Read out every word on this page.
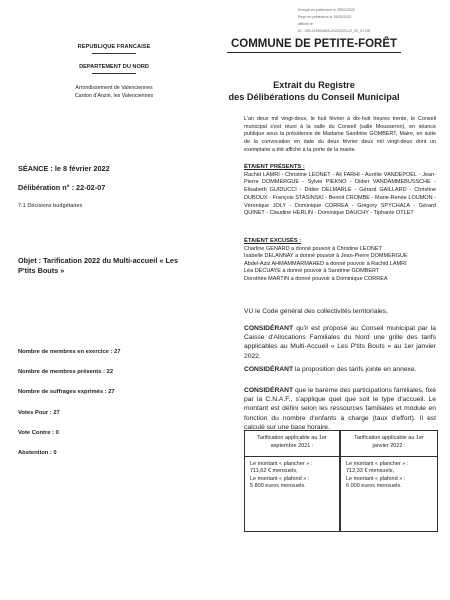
Envoyé en préfecture le 25/02/2022
Reçu en préfecture le 25/02/2022
Affiché le
ID : 059-215904605-20220223-22_02_07-DE
REPUBLIQUE FRANCAISE
DEPARTEMENT DU NORD
Arrondissement de Valenciennes
Canton d'Anzin, les Valenciennes
COMMUNE DE PETITE-FORÊT
Extrait du Registre
des Délibérations du Conseil Municipal
L'an deux mil vingt-deux, le huit février à dix-huit heures trente, le Conseil municipal s'est réuni à la salle du Conseil (salle Mousseron), en séance publique sous la présidence de Madame Sandrine GOMBERT, Maire, en suite de la convocation en date du deux février deux mil vingt-deux dont un exemplaire a été affiché à la porte de la mairie.
SÉANCE : le 8 février 2022
Délibération n° : 22-02-07
7.1 Décisions budgétaires
ÉTAIENT PRÉSENTS :
Rachid LAMRI - Christine LEONET - Ali FARHI - Aurélie VANDEPOEL - Jean-Pierre DOMMERGUE - Sylvie PIEKNO - Didier VANDAMMEBUSSCHE - Elisabeth GUIDUCCI - Didier DELMARLE - Gérard GAILLARD - Christine DUBOUX - François STASINSKI - Benoit CROMBE - Marie-Renée LOUMON - Véronique JOLY - Dominique CORREA - Grégory SPYCHALA - Gérard QUINET - Claudine HERLIN - Dominique DAUCHY - Tiphanie OTLET
Objet : Tarification 2022 du Multi-accueil « Les P'tits Bouts »
ÉTAIENT EXCUSÉS :
Charline GENARD a donné pouvoir à Christine LEONET
Isabelle DELANNAY a donné pouvoir à Jean-Pierre DOMMERGUE
Abdel-Aziz AHMAMMARMAHED a donné pouvoir à Rachid LAMRI
Léa DECUAYE a donné pouvoir à Sandrine GOMBERT
Dorothée MARTIN a donné pouvoir à Dominique CORREA
VU le Code général des collectivités territoriales,
CONSIDÉRANT qu'il est proposé au Conseil municipal par la Caisse d'Allocations Familiales du Nord une grille des tarifs applicables au Multi-Accueil « Les P'tits Bouts » au 1er janvier 2022.
CONSIDÉRANT la proposition des tarifs jointe en annexe.
CONSIDÉRANT que le barème des participations familiales, fixé par la C.N.A.F., s'applique quel que soit le type d'accueil. Le montant est défini selon les ressources familiales et module en fonction du nombre d'enfants à charge (taux d'effort). Il est calculé sur une base horaire.
Nombre de membres en exercice : 27
Nombre de membres présents : 22
Nombre de suffrages exprimés : 27
Votes Pour : 27
Vote Contre : 0
Abstention : 0
Tarification applicable au 1er
septembre 2021 :
Le montant « plancher » :
711,62 € mensuels,
Le montant « plafond » :
5 800 euros mensuels.
Tarification applicable au 1er
janvier 2022 :
Le montant « plancher » :
712,33 € mensuels,
Le montant « plafond » :
6 000 euros mensuels.
